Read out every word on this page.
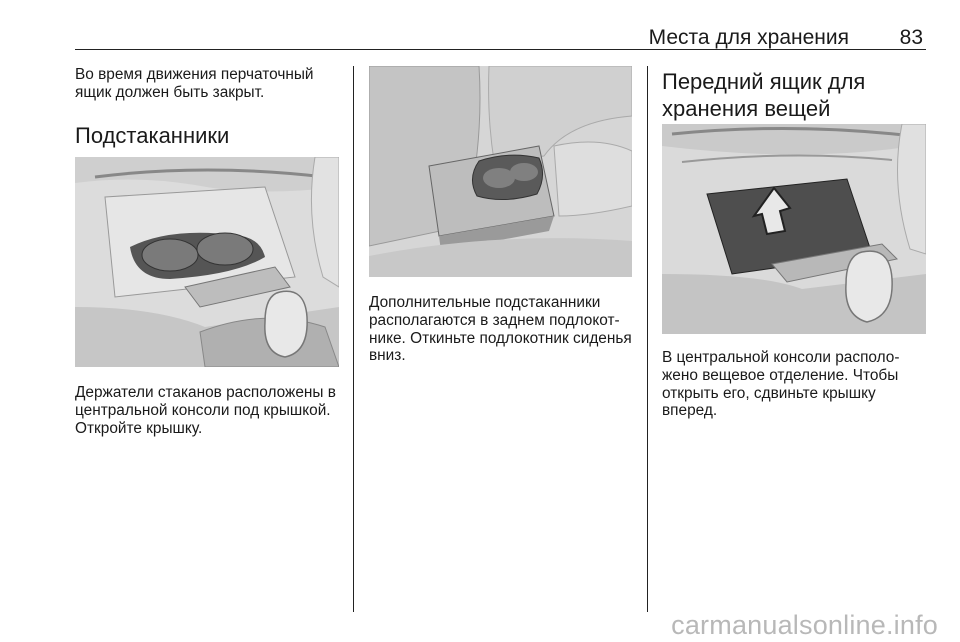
Места для хранения 83

Во время движения перчаточный ящик должен быть закрыт.

Подстаканники

Держатели стаканов расположены в центральной консоли под крышкой. Откройте крышку.

Дополнительные подстаканники располагаются в заднем подлокотнике. Откиньте подлокотник сиденья вниз.

Передний ящик для хранения вещей

В центральной консоли расположено вещевое отделение. Чтобы открыть его, сдвиньте крышку вперед.

carmanualsonline.info
